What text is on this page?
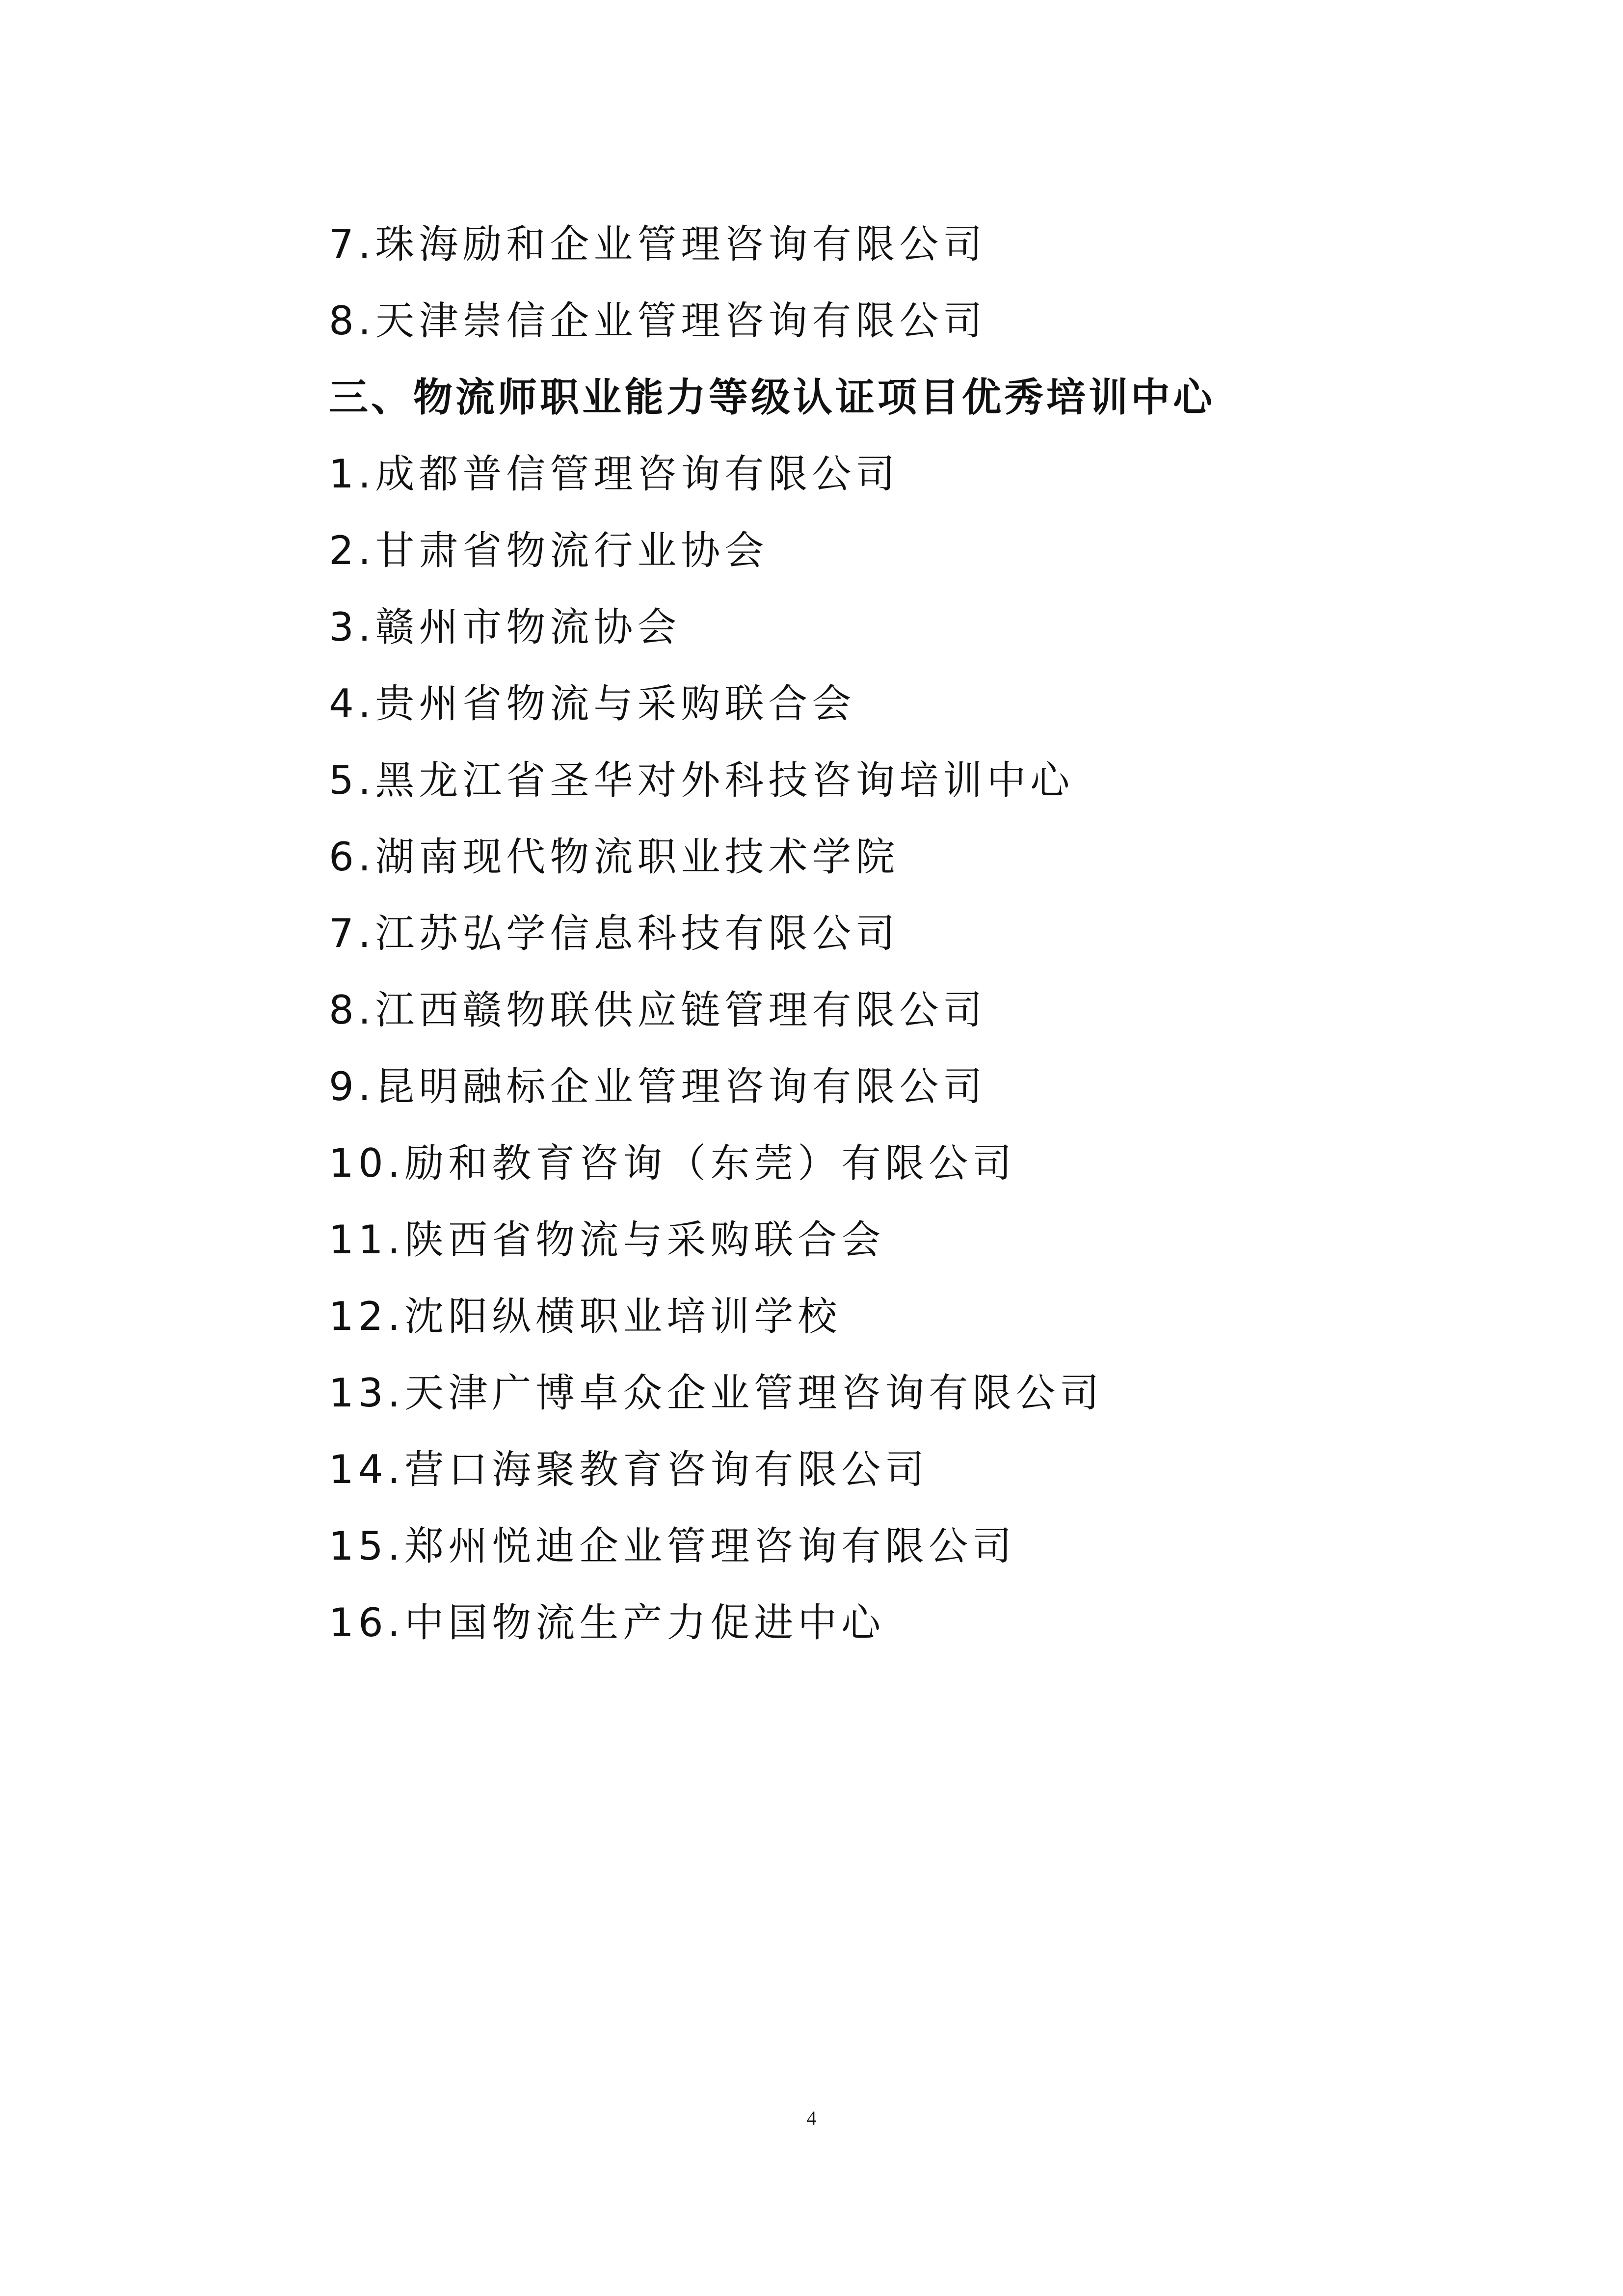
7.珠海励和企业管理咨询有限公司
8.天津崇信企业管理咨询有限公司
三、物流师职业能力等级认证项目优秀培训中心
1.成都普信管理咨询有限公司
2.甘肃省物流行业协会
3.赣州市物流协会
4.贵州省物流与采购联合会
5.黑龙江省圣华对外科技咨询培训中心
6.湖南现代物流职业技术学院
7.江苏弘学信息科技有限公司
8.江西赣物联供应链管理有限公司
9.昆明融标企业管理咨询有限公司
10.励和教育咨询（东莞）有限公司
11.陕西省物流与采购联合会
12.沈阳纵横职业培训学校
13.天津广博卓众企业管理咨询有限公司
14.营口海聚教育咨询有限公司
15.郑州悦迪企业管理咨询有限公司
16.中国物流生产力促进中心
4
